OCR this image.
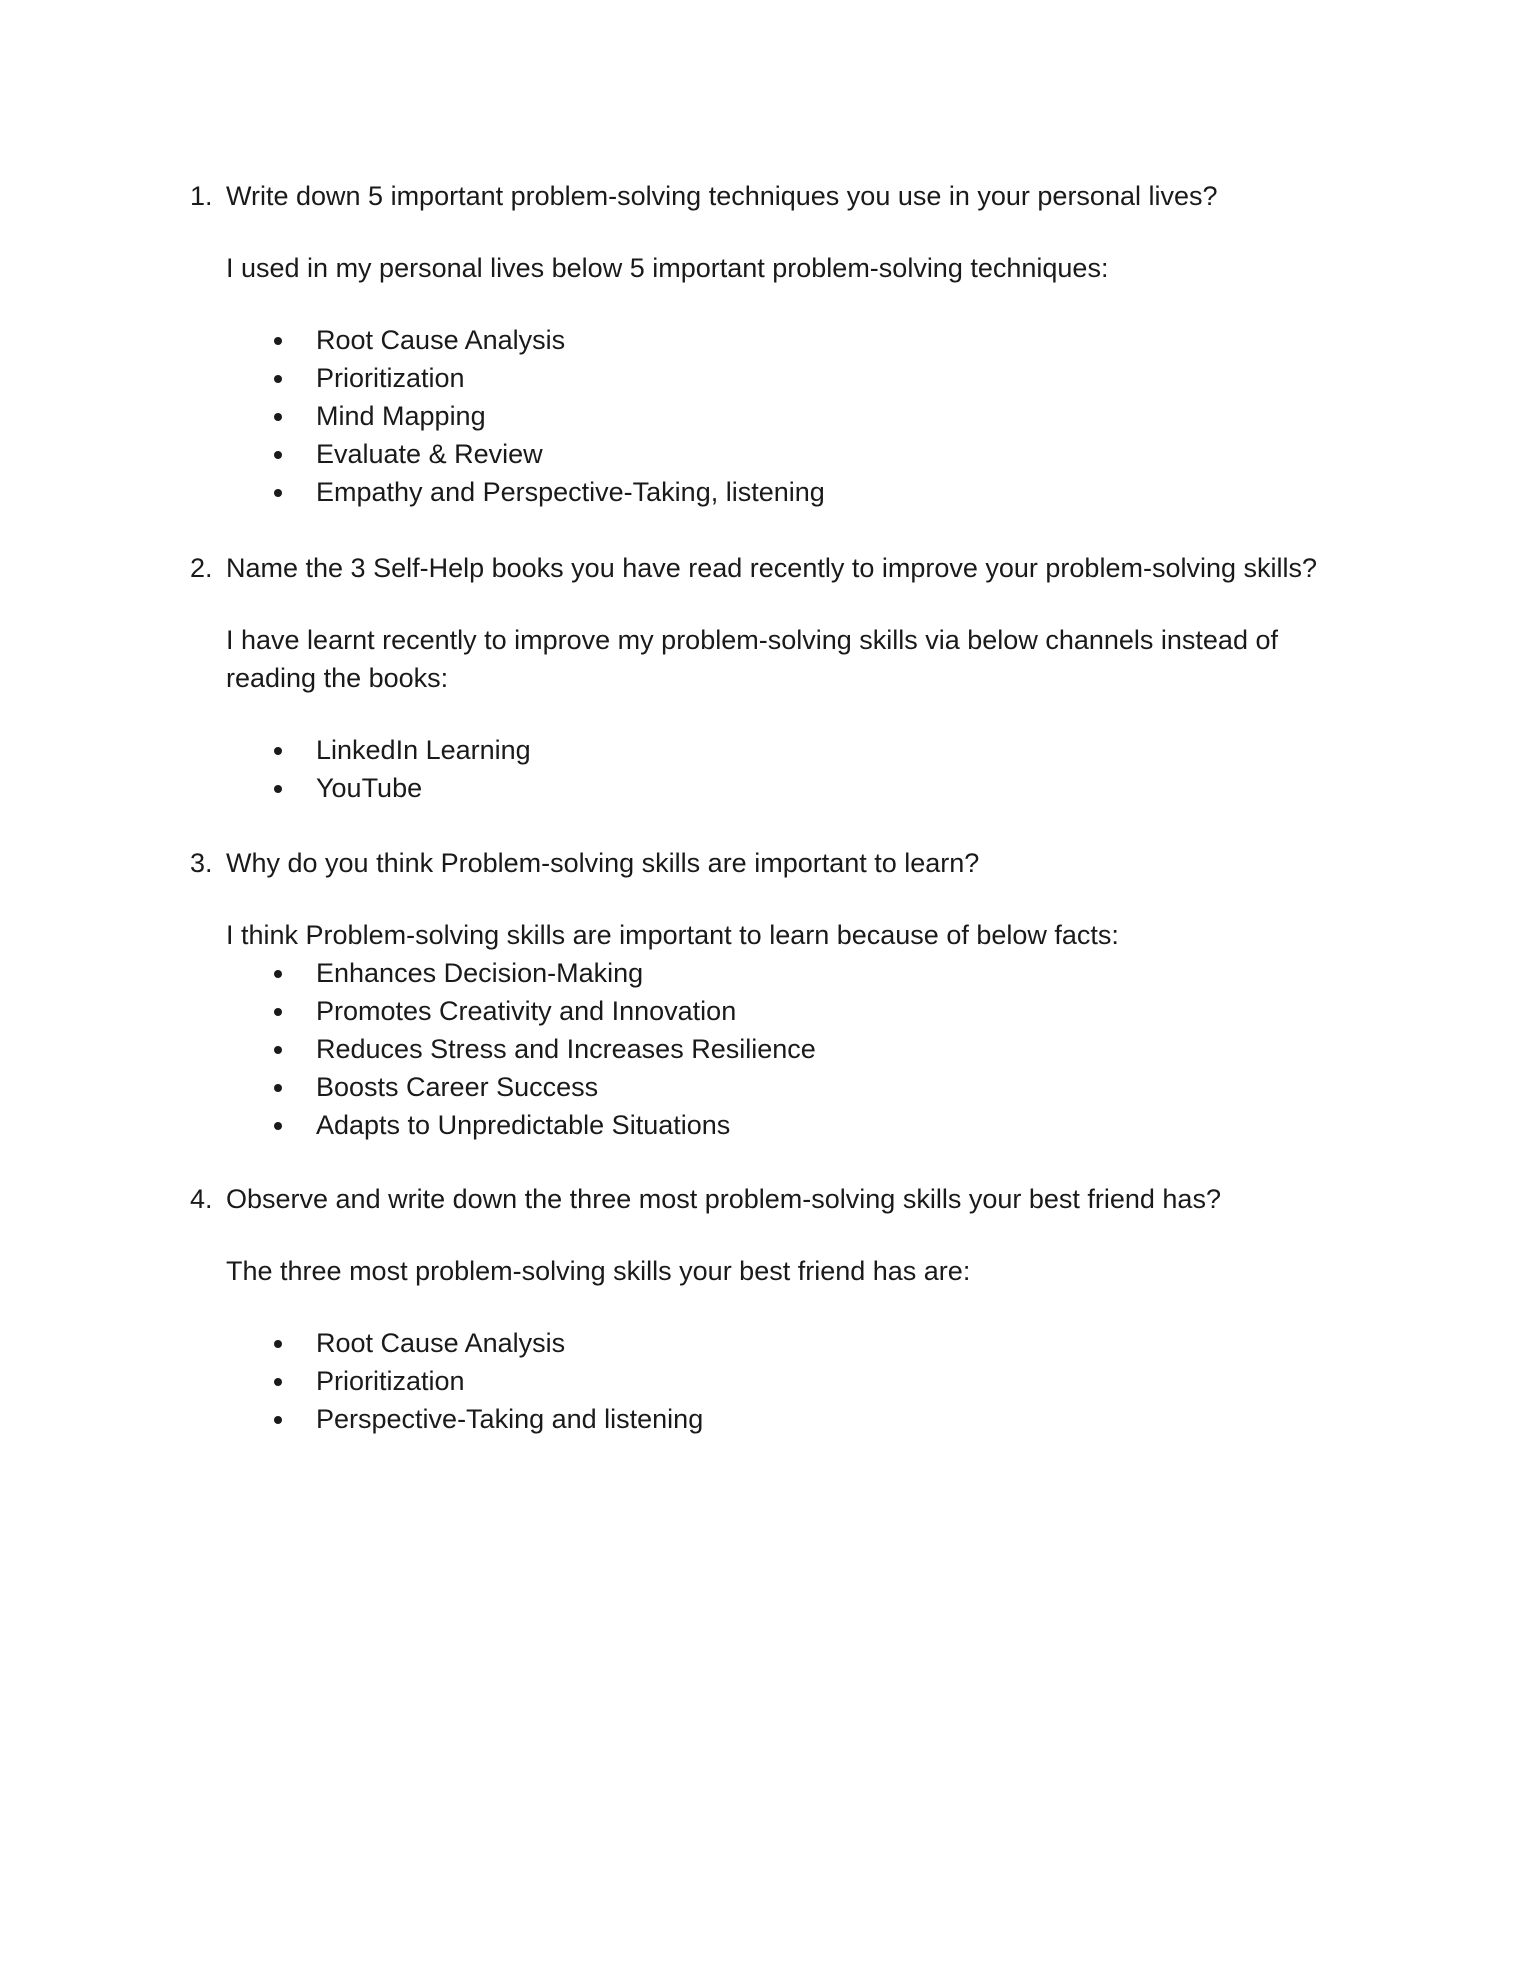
1. Write down 5 important problem-solving techniques you use in your personal lives?

I used in my personal lives below 5 important problem-solving techniques:

Root Cause Analysis
Prioritization
Mind Mapping
Evaluate & Review
Empathy and Perspective-Taking, listening

2. Name the 3 Self-Help books you have read recently to improve your problem-solving skills?

I have learnt recently to improve my problem-solving skills via below channels instead of reading the books:

LinkedIn Learning
YouTube

3. Why do you think Problem-solving skills are important to learn?

I think Problem-solving skills are important to learn because of below facts:

Enhances Decision-Making
Promotes Creativity and Innovation
Reduces Stress and Increases Resilience
Boosts Career Success
Adapts to Unpredictable Situations

4. Observe and write down the three most problem-solving skills your best friend has?

The three most problem-solving skills your best friend has are:

Root Cause Analysis
Prioritization
Perspective-Taking and listening
